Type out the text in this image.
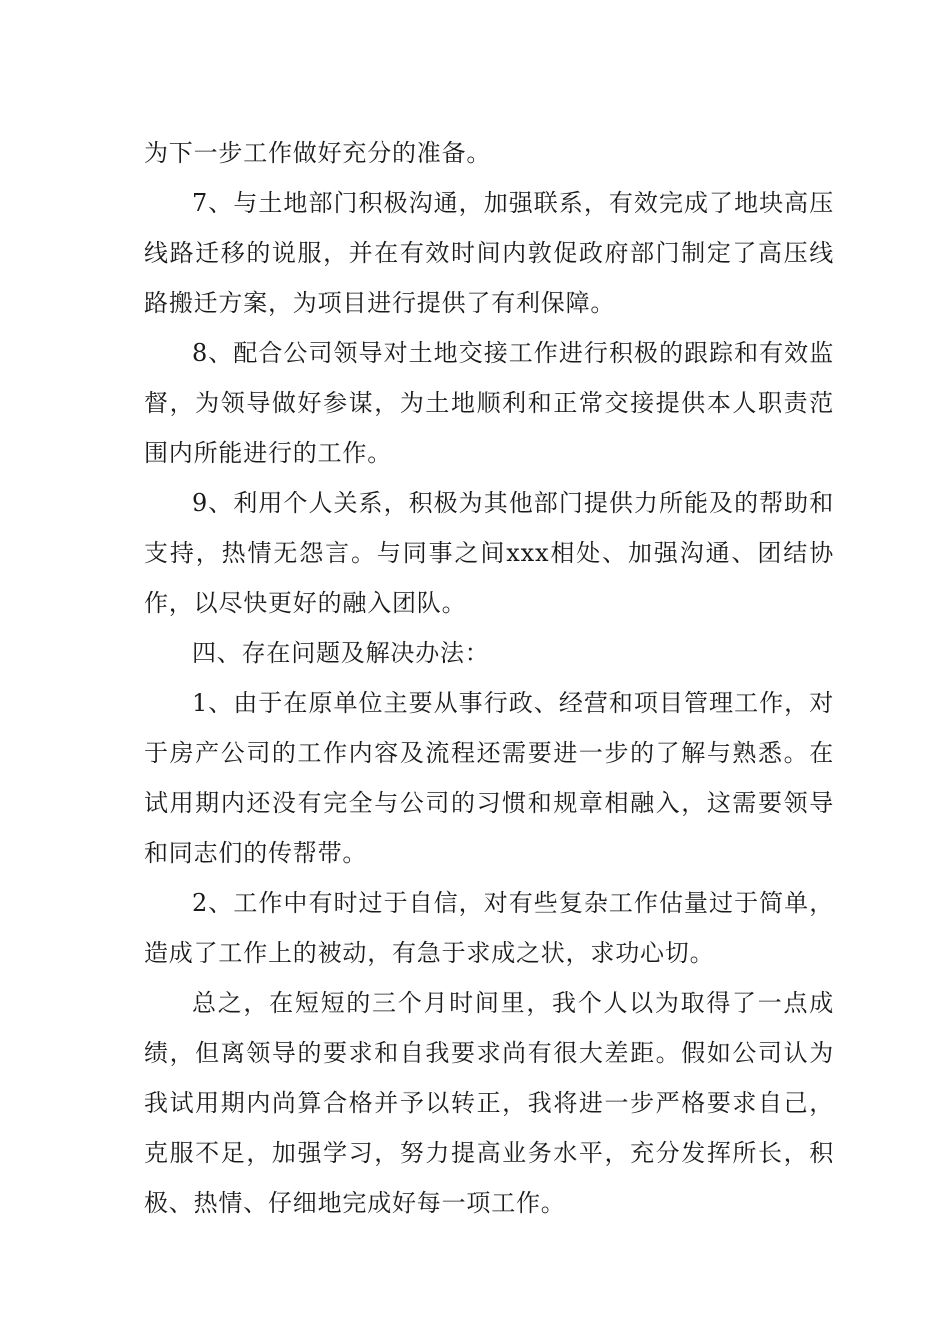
为下一步工作做好充分的准备。

7、与土地部门积极沟通，加强联系，有效完成了地块高压线路迁移的说服，并在有效时间内敦促政府部门制定了高压线路搬迁方案，为项目进行提供了有利保障。

8、配合公司领导对土地交接工作进行积极的跟踪和有效监督，为领导做好参谋，为土地顺利和正常交接提供本人职责范围内所能进行的工作。

9、利用个人关系，积极为其他部门提供力所能及的帮助和支持，热情无怨言。与同事之间xxx相处、加强沟通、团结协作，以尽快更好的融入团队。

四、存在问题及解决办法：

1、由于在原单位主要从事行政、经营和项目管理工作，对于房产公司的工作内容及流程还需要进一步的了解与熟悉。在试用期内还没有完全与公司的习惯和规章相融入，这需要领导和同志们的传帮带。

2、工作中有时过于自信，对有些复杂工作估量过于简单，造成了工作上的被动，有急于求成之状，求功心切。

总之，在短短的三个月时间里，我个人以为取得了一点成绩，但离领导的要求和自我要求尚有很大差距。假如公司认为我试用期内尚算合格并予以转正，我将进一步严格要求自己，克服不足，加强学习，努力提高业务水平，充分发挥所长，积极、热情、仔细地完成好每一项工作。
